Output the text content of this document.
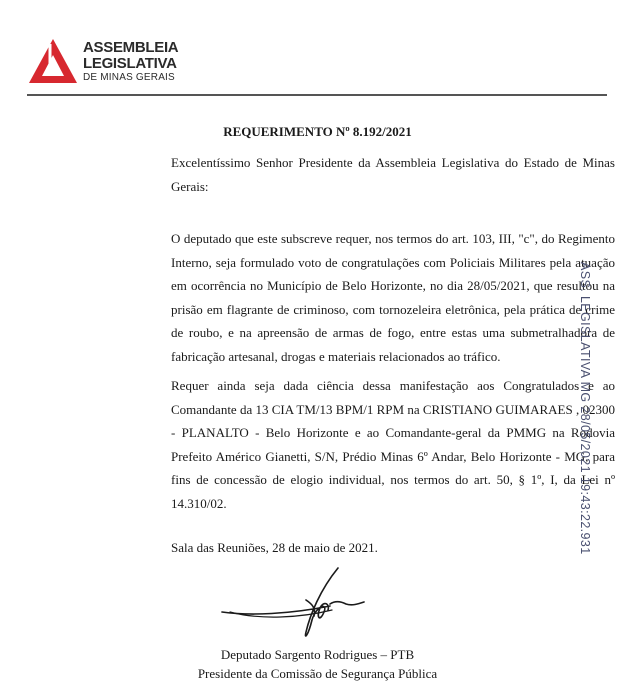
ASSEMBLEIA
LEGISLATIVA
DE MINAS GERAIS
REQUERIMENTO Nº 8.192/2021

Excelentíssimo Senhor Presidente da Assembleia Legislativa do Estado de Minas Gerais:

O deputado que este subscreve requer, nos termos do art. 103, III, "c", do Regimento Interno, seja formulado voto de congratulações com Policiais Militares pela atuação em ocorrência no Município de Belo Horizonte, no dia 28/05/2021, que resultou na prisão em flagrante de criminoso, com tornozeleira eletrônica, pela prática de crime de roubo, e na apreensão de armas de fogo, entre estas uma submetralhadora de fabricação artesanal, drogas e materiais relacionados ao tráfico.

Requer ainda seja dada ciência dessa manifestação aos Congratulados e ao Comandante da 13 CIA TM/13 BPM/1 RPM na CRISTIANO GUIMARAES , 02300 - PLANALTO - Belo Horizonte e ao Comandante-geral da PMMG na Rodovia Prefeito Américo Gianetti, S/N, Prédio Minas 6º Andar, Belo Horizonte - MG, para fins de concessão de elogio individual, nos termos do art. 50, § 1º, I, da Lei nº 14.310/02.

Sala das Reuniões, 28 de maio de 2021.
Deputado Sargento Rodrigues – PTB
Presidente da Comissão de Segurança Pública
ASS. LEGISLATIVA MG 28/05/2021 19:43:22.931
